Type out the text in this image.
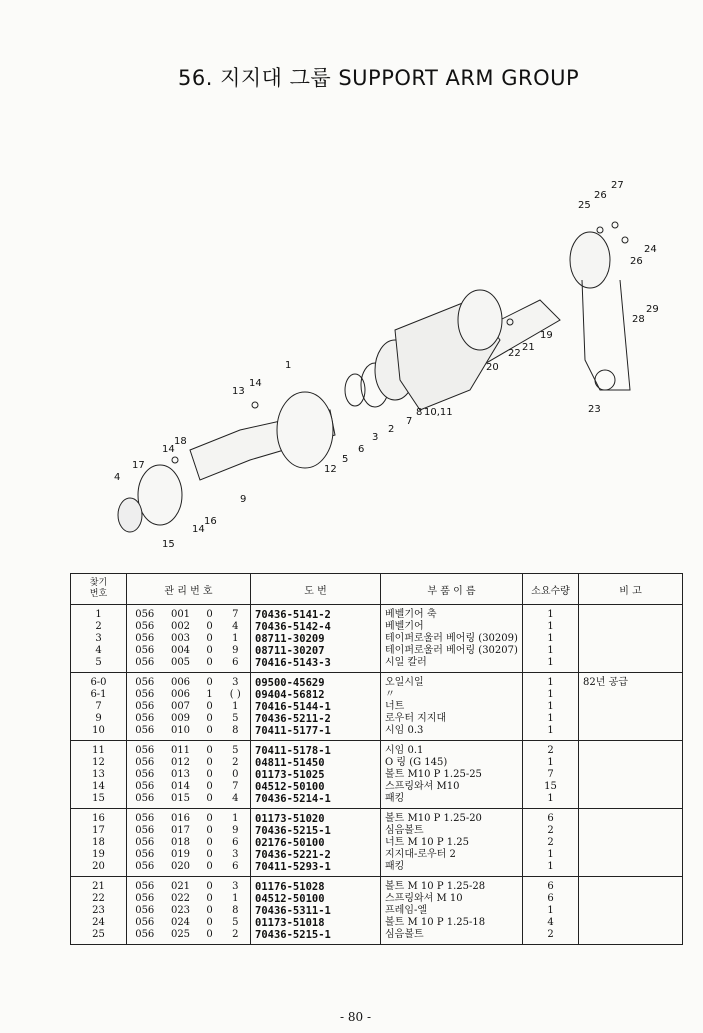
56. 지지대 그룹 SUPPORT ARM GROUP
1
2
3
4
5
6
7
8
9
10,11
12
13
14
14
14
15
16
17
18
19
20
21
22
23
24
25
26
26
27
28
29
찾기
번호	관 리 번 호				도 번	부 품 이 름	소요수량	비 고
1	056	001	0	7	70436-5141-2	베벨기어 축	1	
2	056	002	0	4	70436-5142-4	베벨기어	1	
3	056	003	0	1	08711-30209	테이퍼로울러 베어링 (30209)	1	
4	056	004	0	9	08711-30207	테이퍼로울러 베어링 (30207)	1	
5	056	005	0	6	70416-5143-3	시일 칼러	1	
6-0	056	006	0	3	09500-45629	오일시일	1	82년 공급
6-1	056	006	1	( )	09404-56812	〃	1	
7	056	007	0	1	70416-5144-1	너트	1	
9	056	009	0	5	70436-5211-2	로우터 지지대	1	
10	056	010	0	8	70411-5177-1	시임 0.3	1	
11	056	011	0	5	70411-5178-1	시임 0.1	2	
12	056	012	0	2	04811-51450	O 링 (G 145)	1	
13	056	013	0	0	01173-51025	볼트 M10 P 1.25-25	7	
14	056	014	0	7	04512-50100	스프링와셔 M10	15	
15	056	015	0	4	70436-5214-1	패킹	1	
16	056	016	0	1	01173-51020	볼트 M10 P 1.25-20	6	
17	056	017	0	9	70436-5215-1	심음볼트	2	
18	056	018	0	6	02176-50100	너트 M 10 P 1.25	2	
19	056	019	0	3	70436-5221-2	지지대-로우터 2	1	
20	056	020	0	6	70411-5293-1	패킹	1	
21	056	021	0	3	01176-51028	볼트 M 10 P 1.25-28	6	
22	056	022	0	1	04512-50100	스프링와셔 M 10	6	
23	056	023	0	8	70436-5311-1	프레임-엘	1	
24	056	024	0	5	01173-51018	볼트 M 10 P 1.25-18	4	
25	056	025	0	2	70436-5215-1	심음볼트	2	
- 80 -
